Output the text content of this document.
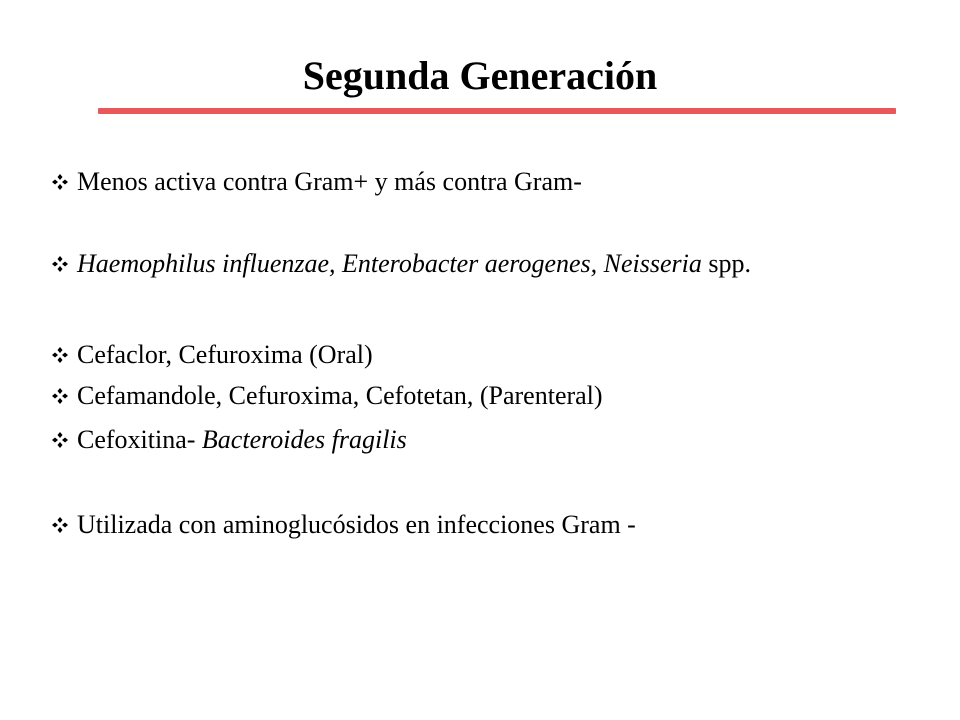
Segunda Generación
Menos activa contra Gram+ y más contra Gram-
Haemophilus influenzae, Enterobacter aerogenes, Neisseria spp.
Cefaclor, Cefuroxima (Oral)
Cefamandole, Cefuroxima, Cefotetan, (Parenteral)
Cefoxitina- Bacteroides fragilis
Utilizada con aminoglucósidos en infecciones Gram -
